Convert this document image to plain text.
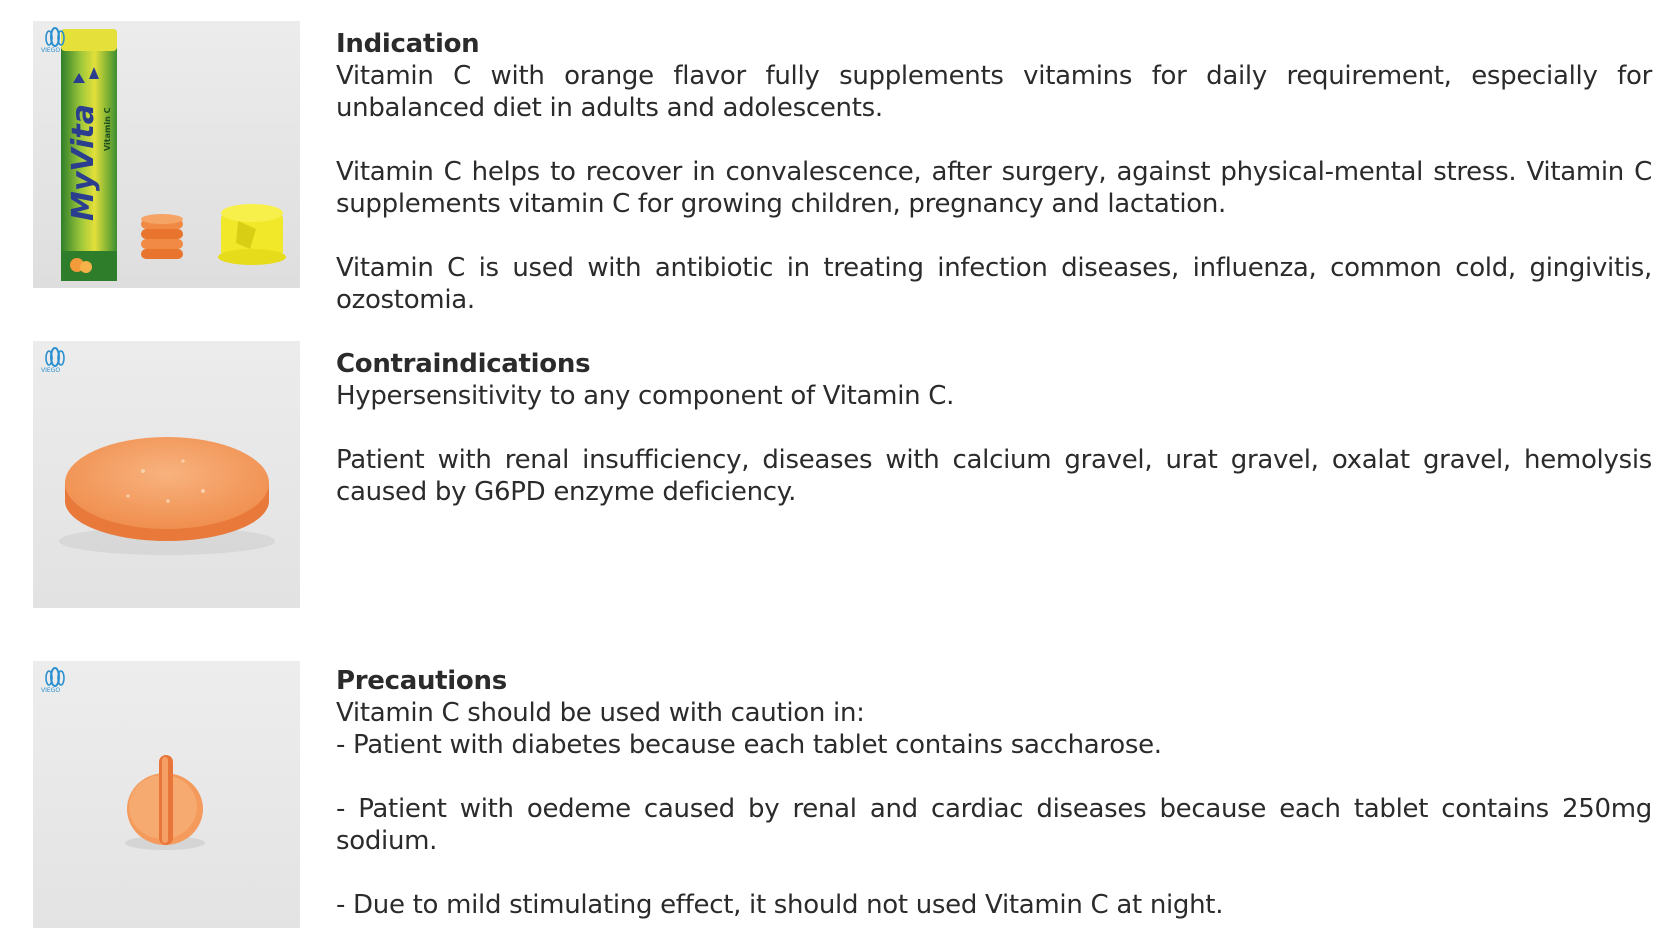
MyVita Vitamin C
VIEGO
VIEGO
VIEGO
Indication

Vitamin C with orange flavor fully supplements vitamins for daily requirement, especially for unbalanced diet in adults and adolescents.

Vitamin C helps to recover in convalescence, after surgery, against physical-mental stress. Vitamin C supplements vitamin C for growing children, pregnancy and lactation.

Vitamin C is used with antibiotic in treating infection diseases, influenza, common cold, gingivitis, ozostomia.

Contraindications

Hypersensitivity to any component of Vitamin C.

Patient with renal insufficiency, diseases with calcium gravel, urat gravel, oxalat gravel, hemolysis caused by G6PD enzyme deficiency.

Precautions

Vitamin C should be used with caution in:

- Patient with diabetes because each tablet contains saccharose.

- Patient with oedeme caused by renal and cardiac diseases because each tablet contains 250mg sodium.

- Due to mild stimulating effect, it should not used Vitamin C at night.
